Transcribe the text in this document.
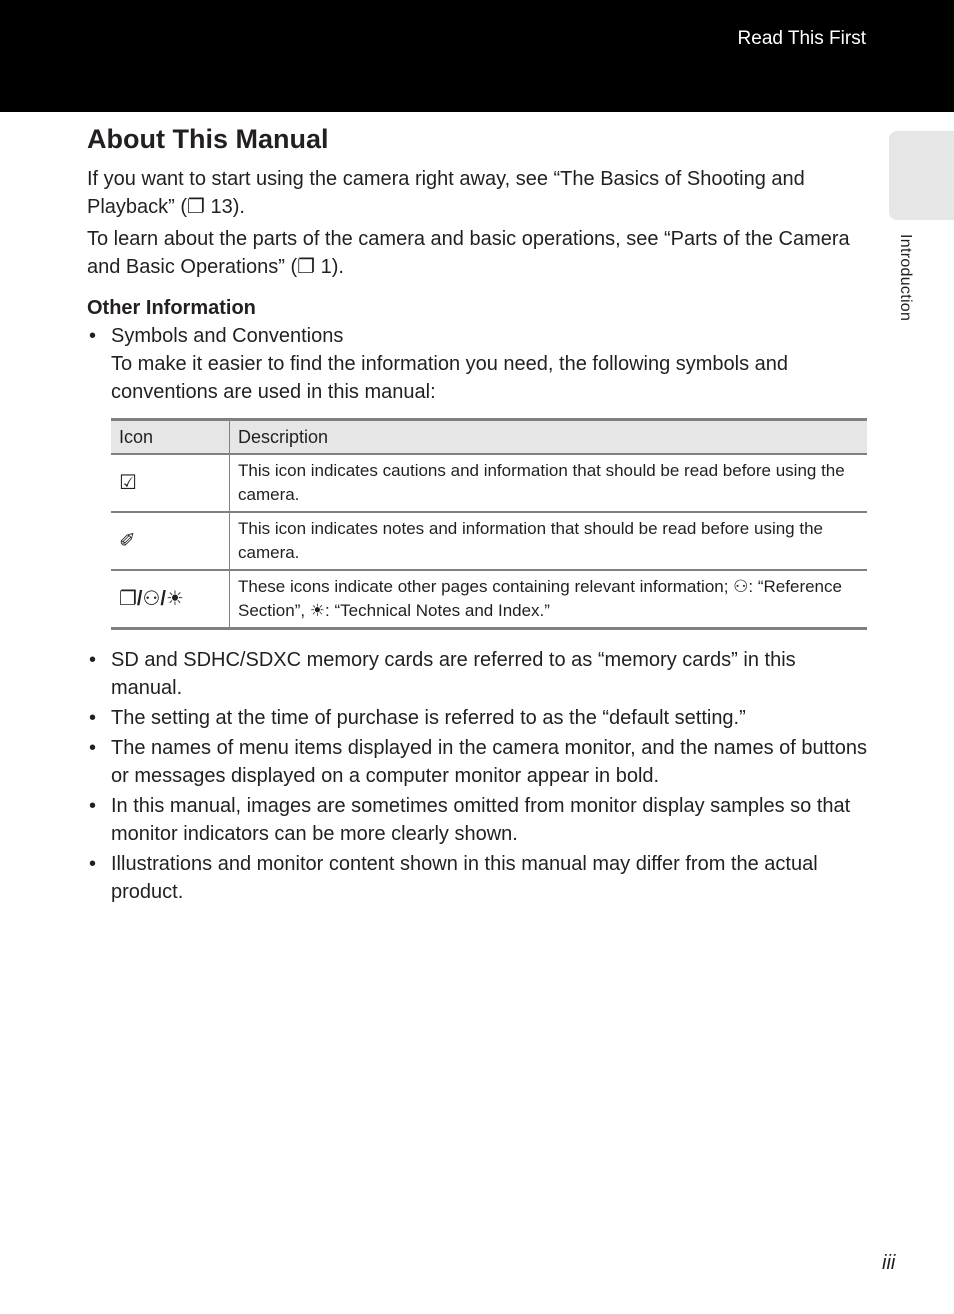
Read This First
Introduction
About This Manual

If you want to start using the camera right away, see “The Basics of Shooting and Playback” (❐ 13).

To learn about the parts of the camera and basic operations, see “Parts of the Camera and Basic Operations” (❐ 1).

Other Information
• Symbols and Conventions
To make it easier to find the information you need, the following symbols and conventions are used in this manual:
Icon	Description
☑	This icon indicates cautions and information that should be read before using the camera.
✐	This icon indicates notes and information that should be read before using the camera.
❐/⚇/☀	These icons indicate other pages containing relevant information; ⚇: “Reference Section”, ☀: “Technical Notes and Index.”
• SD and SDHC/SDXC memory cards are referred to as “memory cards” in this manual.
• The setting at the time of purchase is referred to as the “default setting.”
• The names of menu items displayed in the camera monitor, and the names of buttons or messages displayed on a computer monitor appear in bold.
• In this manual, images are sometimes omitted from monitor display samples so that monitor indicators can be more clearly shown.
• Illustrations and monitor content shown in this manual may differ from the actual product.
iii
